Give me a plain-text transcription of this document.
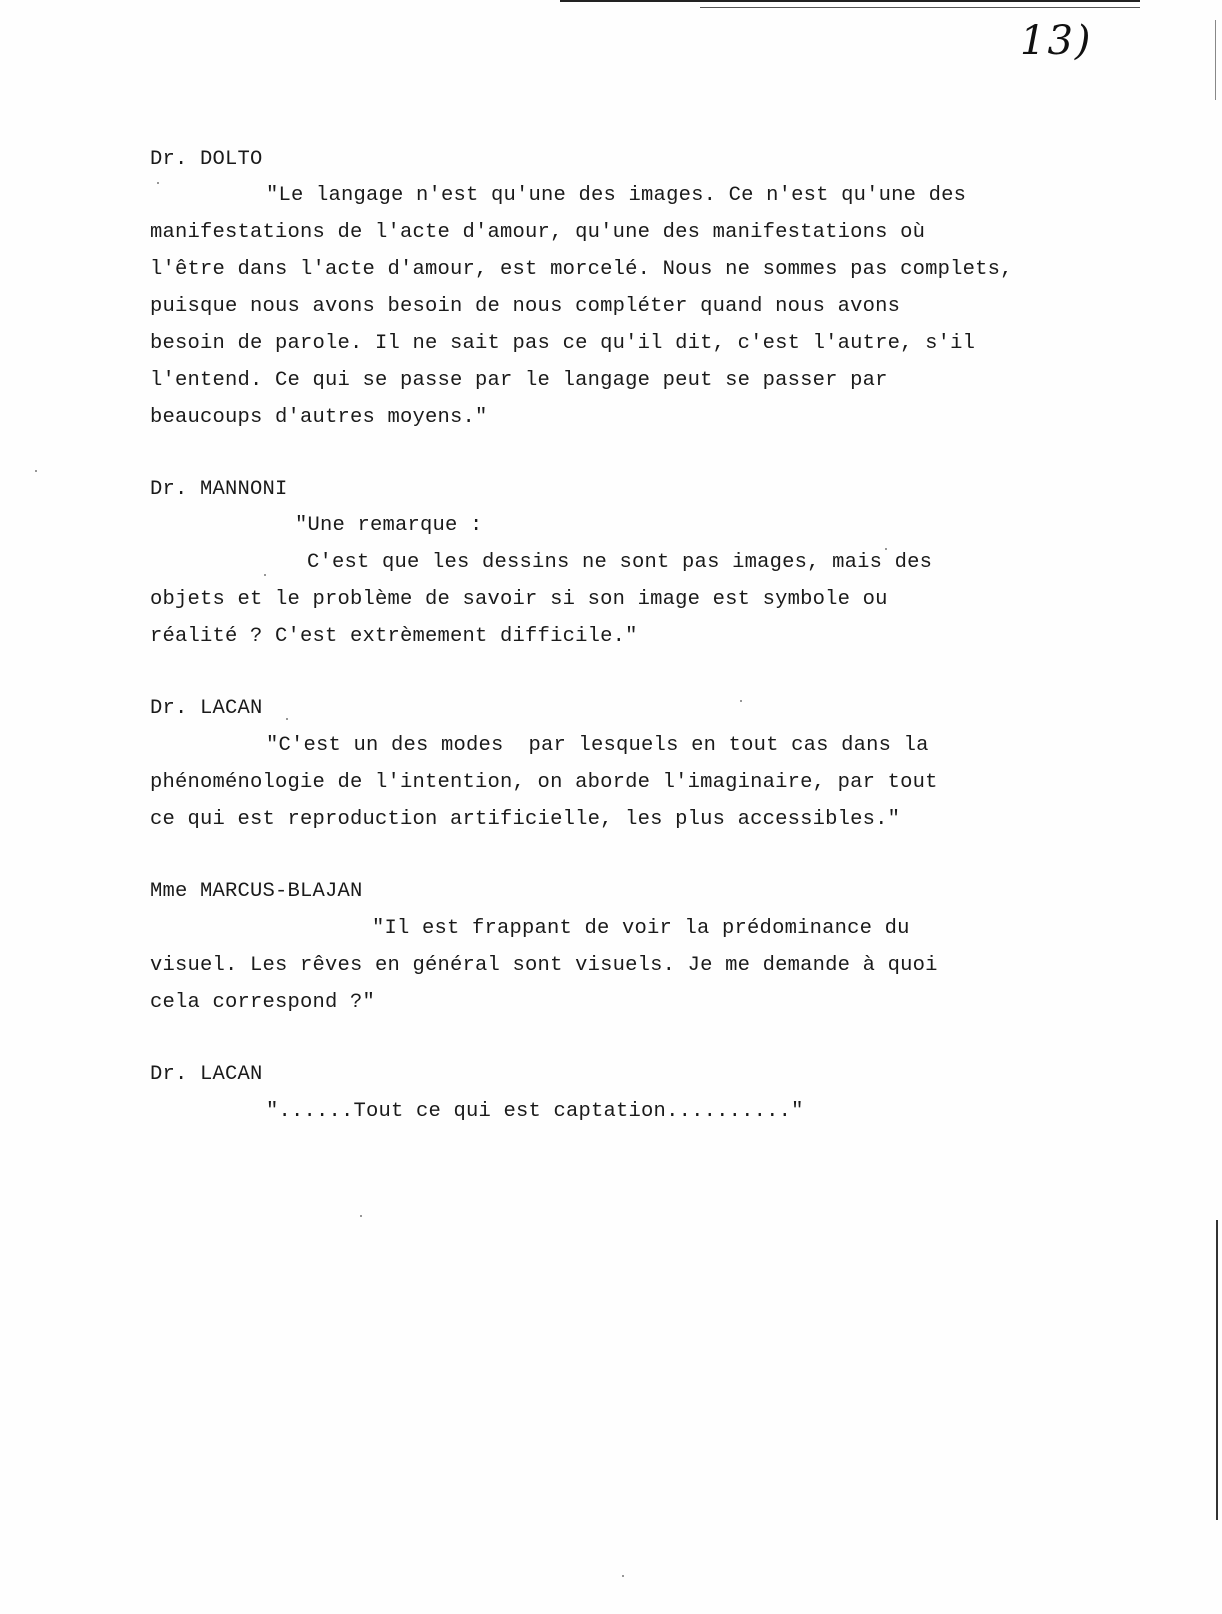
13)
Dr. DOLTO
"Le langage n'est qu'une des images. Ce n'est qu'une des
manifestations de l'acte d'amour, qu'une des manifestations où
l'être dans l'acte d'amour, est morcelé. Nous ne sommes pas complets,
puisque nous avons besoin de nous compléter quand nous avons
besoin de parole. Il ne sait pas ce qu'il dit, c'est l'autre, s'il
l'entend. Ce qui se passe par le langage peut se passer par
beaucoups d'autres moyens."
Dr. MANNONI
"Une remarque :
C'est que les dessins ne sont pas images, mais des
objets et le problème de savoir si son image est symbole ou
réalité ? C'est extrèmement difficile."
Dr. LACAN
"C'est un des modes  par lesquels en tout cas dans la
phénoménologie de l'intention, on aborde l'imaginaire, par tout
ce qui est reproduction artificielle, les plus accessibles."
Mme MARCUS-BLAJAN
"Il est frappant de voir la prédominance du
visuel. Les rêves en général sont visuels. Je me demande à quoi
cela correspond ?"
Dr. LACAN
"......Tout ce qui est captation.........."
